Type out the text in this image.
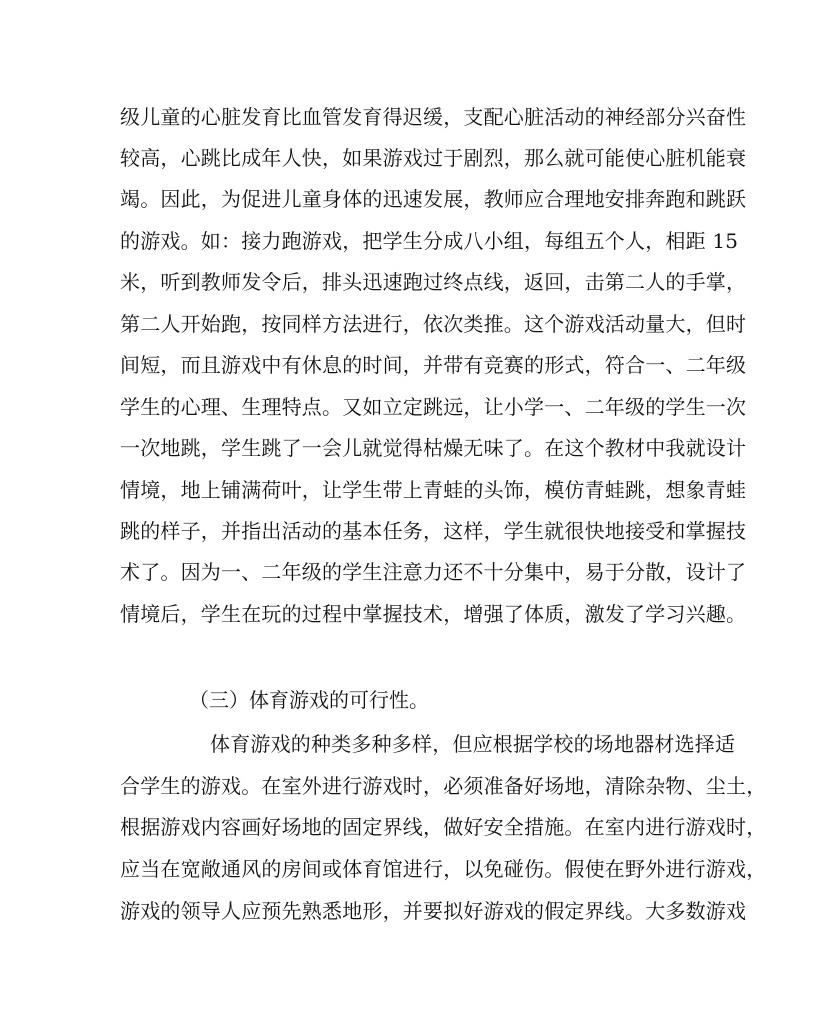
级儿童的心脏发育比血管发育得迟缓，支配心脏活动的神经部分兴奋性
较高，心跳比成年人快，如果游戏过于剧烈，那么就可能使心脏机能衰
竭。因此，为促进儿童身体的迅速发展，教师应合理地安排奔跑和跳跃
的游戏。如：接力跑游戏，把学生分成八小组，每组五个人，相距 15
米，听到教师发令后，排头迅速跑过终点线，返回，击第二人的手掌，
第二人开始跑，按同样方法进行，依次类推。这个游戏活动量大，但时
间短，而且游戏中有休息的时间，并带有竞赛的形式，符合一、二年级
学生的心理、生理特点。又如立定跳远，让小学一、二年级的学生一次
一次地跳，学生跳了一会儿就觉得枯燥无味了。在这个教材中我就设计
情境，地上铺满荷叶，让学生带上青蛙的头饰，模仿青蛙跳，想象青蛙
跳的样子，并指出活动的基本任务，这样，学生就很快地接受和掌握技
术了。因为一、二年级的学生注意力还不十分集中，易于分散，设计了
情境后，学生在玩的过程中掌握技术，增强了体质，激发了学习兴趣。
（三）体育游戏的可行性。
体育游戏的种类多种多样，但应根据学校的场地器材选择适
合学生的游戏。在室外进行游戏时，必须准备好场地，清除杂物、尘土，
根据游戏内容画好场地的固定界线，做好安全措施。在室内进行游戏时，
应当在宽敞通风的房间或体育馆进行，以免碰伤。假使在野外进行游戏，
游戏的领导人应预先熟悉地形，并要拟好游戏的假定界线。大多数游戏
